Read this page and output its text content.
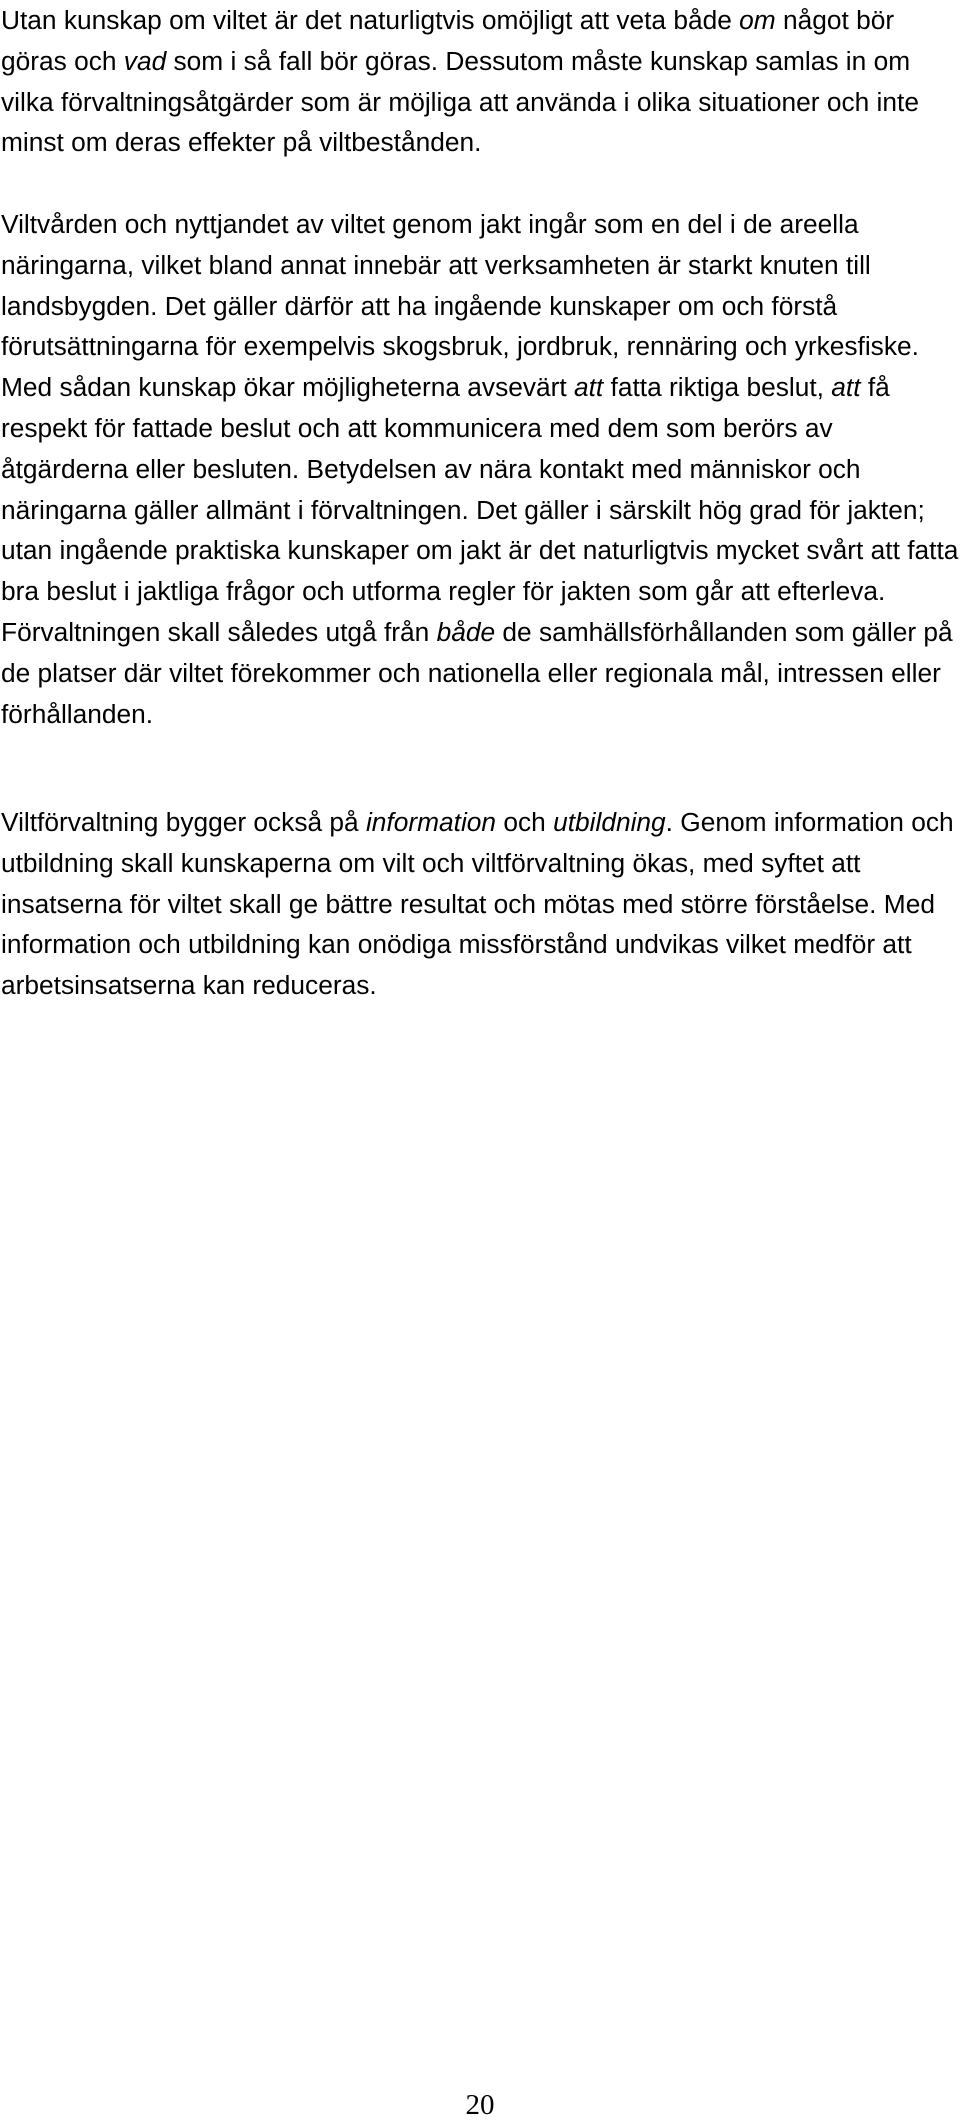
Utan kunskap om viltet är det naturligtvis omöjligt att veta både om något bör göras och vad som i så fall bör göras. Dessutom måste kunskap samlas in om vilka förvaltningsåtgärder som är möjliga att använda i olika situationer och inte minst om deras effekter på viltbestånden.

Viltvården och nyttjandet av viltet genom jakt ingår som en del i de areella näringarna, vilket bland annat innebär att verksamheten är starkt knuten till landsbygden. Det gäller därför att ha ingående kunskaper om och förstå förutsättningarna för exempelvis skogsbruk, jordbruk, rennäring och yrkesfiske. Med sådan kunskap ökar möjligheterna avsevärt att fatta riktiga beslut, att få respekt för fattade beslut och att kommunicera med dem som berörs av åtgärderna eller besluten. Betydelsen av nära kontakt med människor och näringarna gäller allmänt i förvaltningen. Det gäller i särskilt hög grad för jakten; utan ingående praktiska kunskaper om jakt är det naturligtvis mycket svårt att fatta bra beslut i jaktliga frågor och utforma regler för jakten som går att efterleva. Förvaltningen skall således utgå från både de samhällsförhållanden som gäller på de platser där viltet förekommer och nationella eller regionala mål, intressen eller förhållanden.

Viltförvaltning bygger också på information och utbildning. Genom information och utbildning skall kunskaperna om vilt och viltförvaltning ökas, med syftet att insatserna för viltet skall ge bättre resultat och mötas med större förståelse. Med information och utbildning kan onödiga missförstånd undvikas vilket medför att arbetsinsatserna kan reduceras.

20
